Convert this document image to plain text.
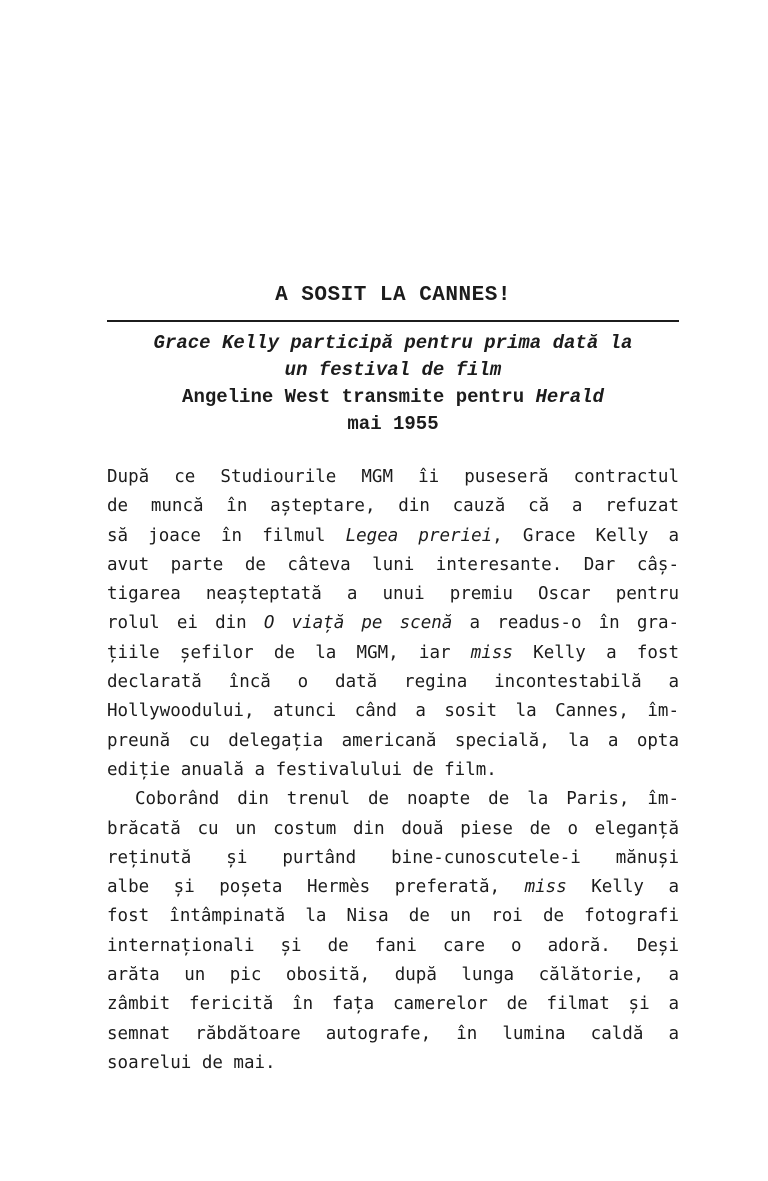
A SOSIT LA CANNES!
Grace Kelly participă pentru prima dată la
un festival de film
Angeline West transmite pentru Herald
mai 1955
După ce Studiourile MGM îi puseseră contractul
de muncă în așteptare, din cauză că a refuzat
să joace în filmul Legea preriei, Grace Kelly a
avut parte de câteva luni interesante. Dar câș-
tigarea neașteptată a unui premiu Oscar pentru
rolul ei din O viață pe scenă a readus-o în gra-
țiile șefilor de la MGM, iar miss Kelly a fost
declarată încă o dată regina incontestabilă a
Hollywoodului, atunci când a sosit la Cannes, îm-
preună cu delegația americană specială, la a opta
ediție anuală a festivalului de film.
Coborând din trenul de noapte de la Paris, îm-
brăcată cu un costum din două piese de o eleganță
reținută și purtând bine-cunoscutele-i mănuși
albe și poșeta Hermès preferată, miss Kelly a
fost întâmpinată la Nisa de un roi de fotografi
internaționali și de fani care o adoră. Deși
arăta un pic obosită, după lunga călătorie, a
zâmbit fericită în fața camerelor de filmat și a
semnat răbdătoare autografe, în lumina caldă a
soarelui de mai.
